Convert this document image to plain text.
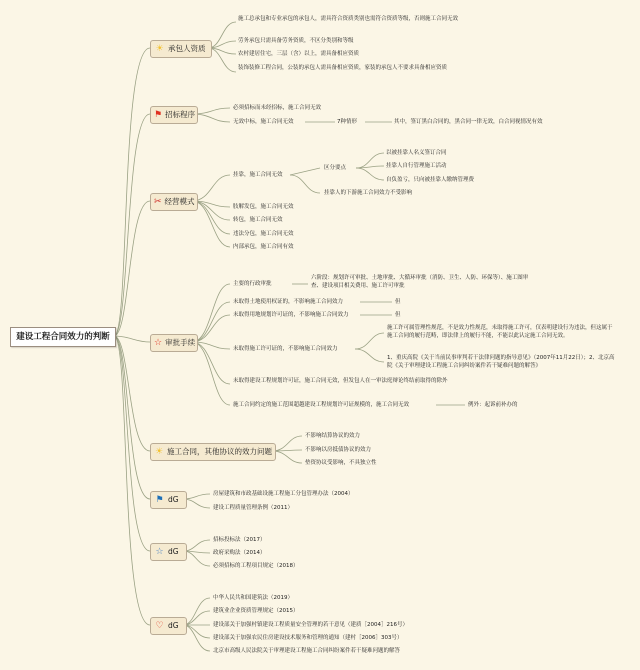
建设工程合同效力的判断
☀ 承包人资质
施工总承包和专业承包的承包人，需具符合资质类别也需符合资质等级，否则施工合同无效
劳务承包只需具备劳务资质，不区分类别和等级
农村建居住宅，三层（含）以上，需具备相应资质
装饰装修工程合同，公装的承包人需具备相应资质，家装的承包人不要求具备相应资质
⚑ 招标程序
必须招标而未经招标，施工合同无效
无效中标，施工合同无效	7种情形	其中，签订黑白合同的，黑合同一律无效，白合同视情况有效
✂ 经营模式
挂靠，施工合同无效
区分要点
以被挂靠人名义签订合同
挂靠人自行管理施工活动
自负盈亏，只向被挂靠人缴纳管理费
挂靠人的下游施工合同效力不受影响
肢解发包，施工合同无效
转包，施工合同无效
违法分包，施工合同无效
内部承包，施工合同有效
☆ 审批手续
主要的行政审批
六阶段：规划许可审批、土地审批、大循环审批（消防、卫生、人防、环保等）、施工图审查、建设项目相关费用、施工许可审批
未取得土地使用权证的，不影响施工合同效力	但
未取得用地规划许可证的，不影响施工合同效力	但
未取得施工许可证的，不影响施工合同效力
施工许可属管理性规范，不是效力性规范，未取得施工许可，仅表明建设行为违法，但这属于施工合同的履行范畴，即法律上的履行不能，不能以此认定施工合同无效。
1、重庆高院《关于当前民事审判若干法律问题的指导意见》（2007年11月22日）；2、北京高院《关于审理建设工程施工合同纠纷案件若干疑难问题的解答》
未取得建设工程规划许可证，施工合同无效，但发包人在一审法庭辩论终结前取得的除外
施工合同约定的施工范围超越建设工程规划许可证规模的，施工合同无效	例外：起诉前补办的
☀ 施工合同，其他协议的效力问题
不影响结算协议的效力
不影响以房抵债协议的效力
垫资协议受影响，不具独立性
⚑ dG
房屋建筑和市政基础设施工程施工分包管理办法（2004）
建设工程质量管理条例（2011）
☆ dG
招标投标法（2017）
政府采购法（2014）
必须招标的工程项目规定（2018）
♡ dG
中华人民共和国建筑法（2019）
建筑业企业资质管理规定（2015）
建设部关于加强村镇建设工程质量安全管理的若干意见（建质［2004］216号）
建设部关于加强农民住房建设技术服务和管理的通知（建村［2006］303号）
北京市高级人民法院关于审理建设工程施工合同纠纷案件若干疑难问题的解答
